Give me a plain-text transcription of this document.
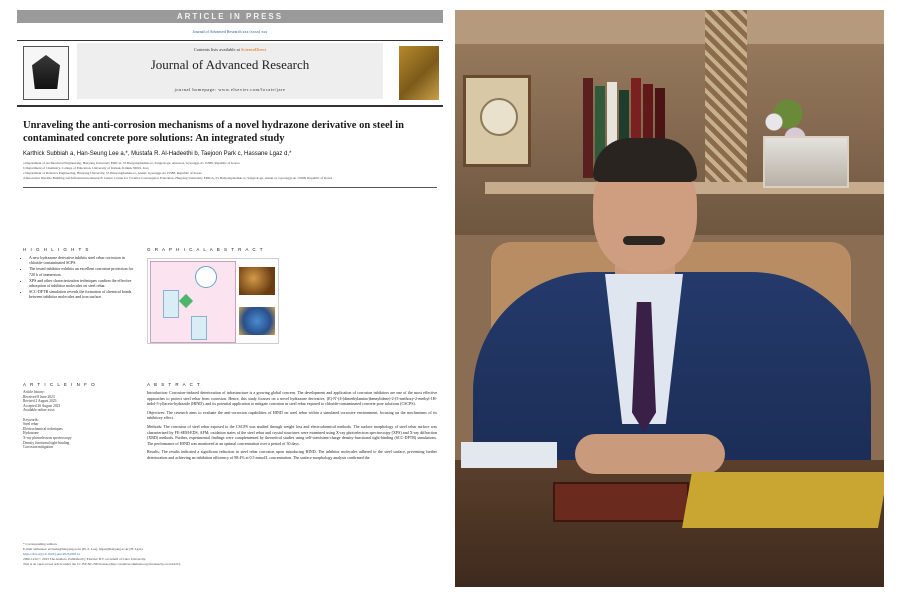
ARTICLE IN PRESS
Journal of Advanced Research xxx (xxxx) xxx
Contents lists available at ScienceDirect
Journal of Advanced Research
journal homepage: www.elsevier.com/locate/jare
Unraveling the anti-corrosion mechanisms of a novel hydrazone derivative on steel in contaminated concrete pore solutions: An integrated study
Karthick Subbiah a, Han-Seung Lee a,*, Mustafa R. Al-Hadeethi b, Taejoon Park c, Hassane Lgaz d,*
a Department of Architectural Engineering, Hanyang University ERICA, 55 Hanyangdaehak-ro, Sangrok-gu, Ansan-si, Gyeonggi-do 15588, Republic of Korea
b Department of Chemistry, College of Education, University of Kirkuk, Kirkuk 36001, Iraq
c Department of Robotics Engineering, Hanyang University, 55 Hanyangdaehak-ro, Ansan, Gyeonggi-do 15588, Republic of Korea
d Innovative Durable Building and Infrastructure Research Center, Center for Creative Convergence Education, Hanyang University ERICA, 55 Hanyangdaehak-ro, Sangrok-gu, Ansan-si, Gyeonggi-do 15588, Republic of Korea
H I G H L I G H T S
• A new hydrazone derivative inhibits steel rebar corrosion in chloride-contaminated SCPS.
• The tested inhibitor exhibits an excellent corrosion protection for 720 h of immersion.
• XPS and other characterization techniques confirm the effective adsorption of inhibitor molecules on steel rebar.
• SCC-DFTB simulation reveals the formation of chemical bonds between inhibitor molecules and iron surface.
G R A P H I C A L A B S T R A C T
A R T I C L E I N F O
Article history:
Received 8 June 2023
Revised 2 August 2023
Accepted 26 August 2023
Available online xxxx
Keywords:
Steel rebar
Electrochemical techniques
Hydrazone
X-ray photoelectron spectroscopy
Density functional tight-binding
Corrosion mitigation
A B S T R A C T

Introduction: Corrosion-induced deterioration of infrastructure is a growing global concern. The development and application of corrosion inhibitors are one of the most effective approaches to protect steel rebar from corrosion. Hence, this study focuses on a novel hydrazone derivative, (E)-N'-(4-(dimethylamino)benzylidene)-2-(5-methoxy-2-methyl-1H-indol-3-yl)aceto-hydrazide (HIND), and its potential application to mitigate corrosion in steel rebar exposed to chloride-contaminated concrete pore solutions (CSCPS).

Objectives: The research aims to evaluate the anti-corrosion capabilities of HIND on steel rebar within a simulated corrosive environment, focusing on the mechanisms of its inhibitory effect.

Methods: The corrosion of steel rebar exposed to the CSCPS was studied through weight loss and electrochemical methods. The surface morphology of steel rebar surface was characterized by FE-SEM-EDS, AFM; oxidation states of the steel rebar and crystal structures were examined using X-ray photoelectron spectroscopy (XPS) and X-ray diffraction (XRD) methods. Further, experimental findings were complemented by theoretical studies using self-consistent-charge density-functional tight-binding (SCC-DFTB) simulations. The performance of HIND was monitored at an optimal concentration over a period of 30 days.

Results: The results indicated a significant reduction in steel rebar corrosion upon introducing HIND. The inhibitor molecules adhered to the steel surface, preventing further deterioration and achieving an inhibition efficiency of 88.4% at 0.5 mmol/L concentration. The surface morphology analysis confirmed the

* Corresponding authors.
E-mail addresses: ercleehs@hanyang.ac.kr (H.-S. Lee), hlgaz@hanyang.ac.kr (H. Lgaz).
https://doi.org/10.1016/j.jare.2023.08.014
2090-1232/© 2023 The Authors. Published by Elsevier B.V. on behalf of Cairo University.
This is an open access article under the CC BY-NC-ND license (http://creativecommons.org/licenses/by-nc-nd/4.0/).
